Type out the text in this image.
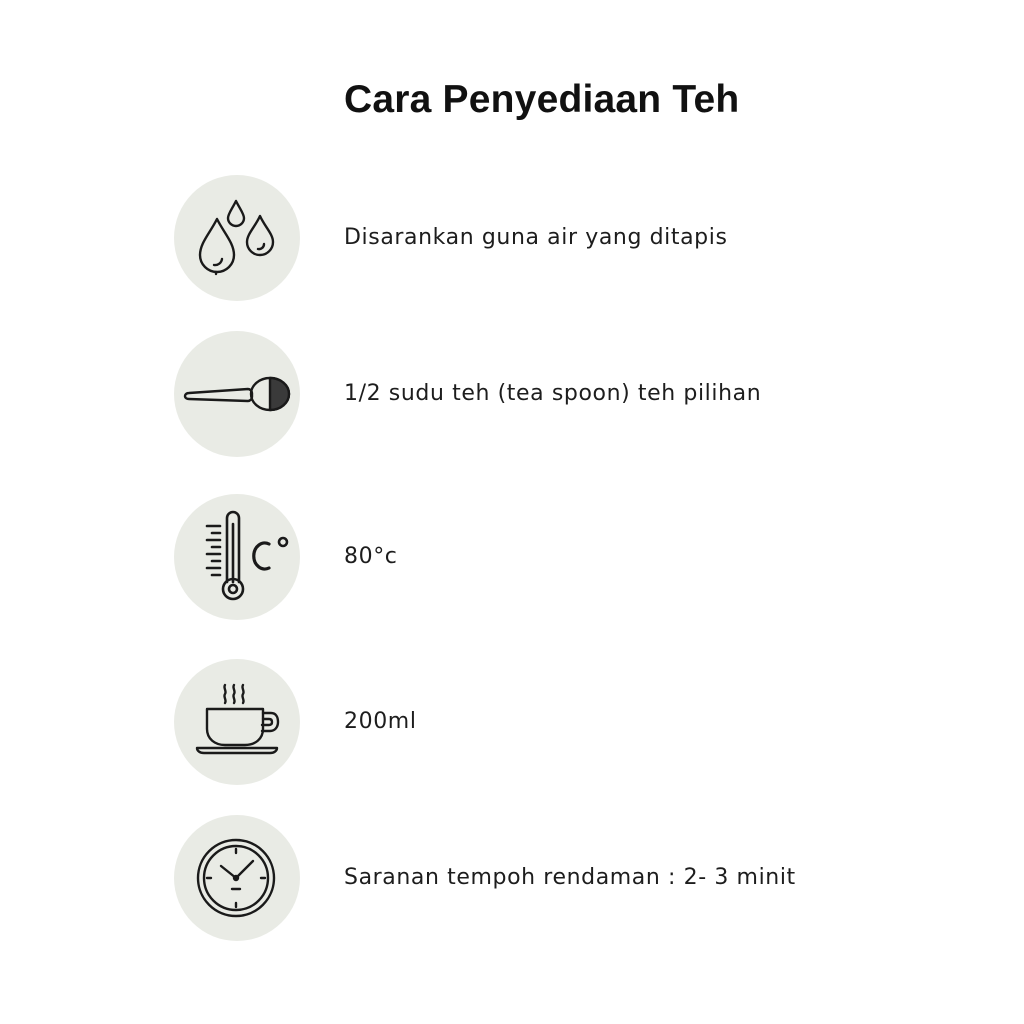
Cara Penyediaan Teh
Disarankan guna air yang ditapis
1/2 sudu teh (tea spoon) teh pilihan
80°c
200ml
Saranan tempoh rendaman : 2- 3 minit
